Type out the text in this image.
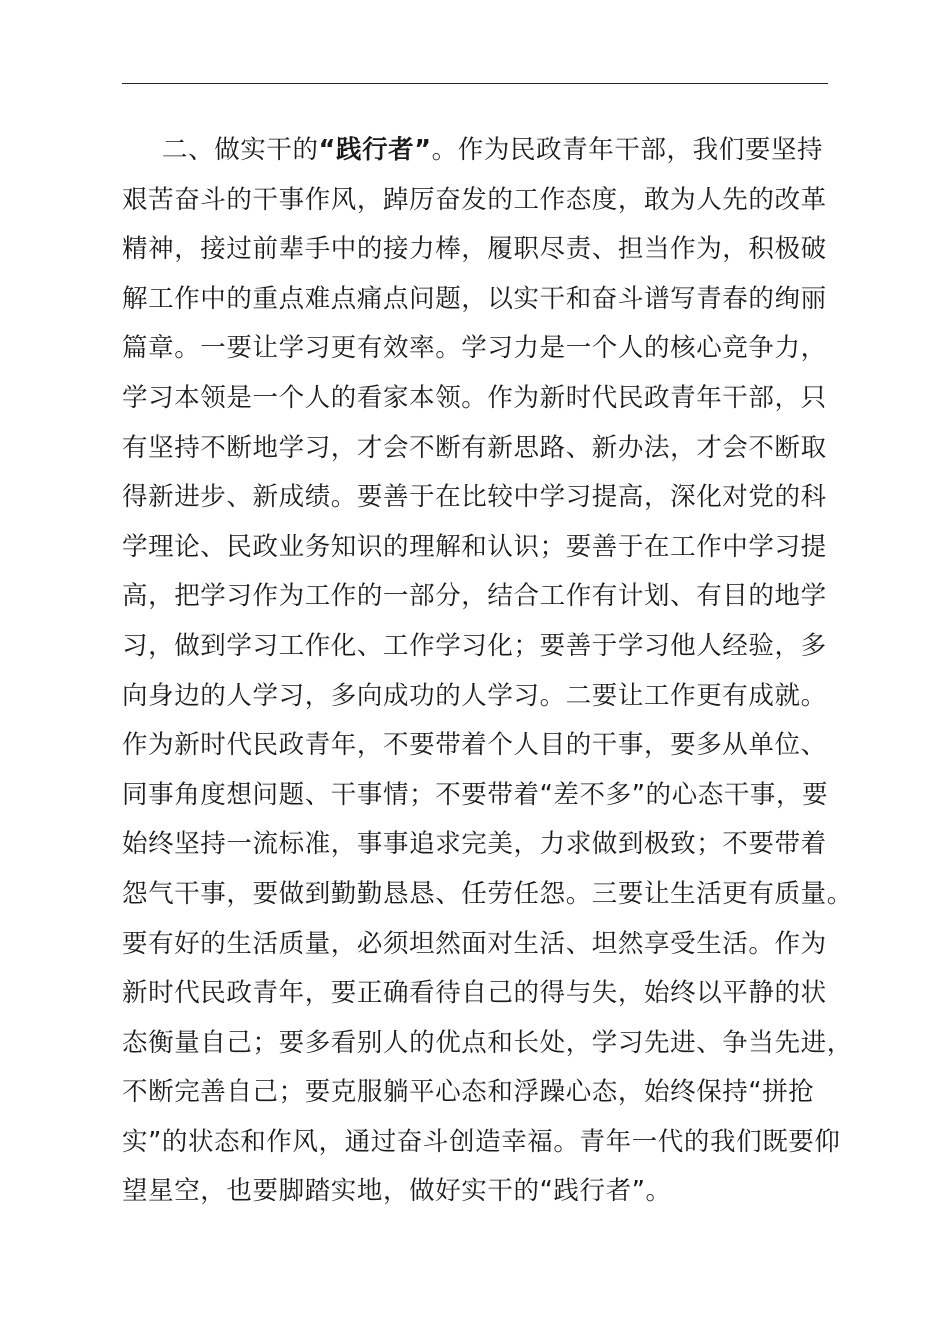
二、做实干的“践行者”。作为民政青年干部，我们要坚持
艰苦奋斗的干事作风，踔厉奋发的工作态度，敢为人先的改革
精神，接过前辈手中的接力棒，履职尽责、担当作为，积极破
解工作中的重点难点痛点问题，以实干和奋斗谱写青春的绚丽
篇章。一要让学习更有效率。学习力是一个人的核心竞争力，
学习本领是一个人的看家本领。作为新时代民政青年干部，只
有坚持不断地学习，才会不断有新思路、新办法，才会不断取
得新进步、新成绩。要善于在比较中学习提高，深化对党的科
学理论、民政业务知识的理解和认识；要善于在工作中学习提
高，把学习作为工作的一部分，结合工作有计划、有目的地学
习，做到学习工作化、工作学习化；要善于学习他人经验，多
向身边的人学习，多向成功的人学习。二要让工作更有成就。
作为新时代民政青年，不要带着个人目的干事，要多从单位、
同事角度想问题、干事情；不要带着“差不多”的心态干事，要
始终坚持一流标准，事事追求完美，力求做到极致；不要带着
怨气干事，要做到勤勤恳恳、任劳任怨。三要让生活更有质量。
要有好的生活质量，必须坦然面对生活、坦然享受生活。作为
新时代民政青年，要正确看待自己的得与失，始终以平静的状
态衡量自己；要多看别人的优点和长处，学习先进、争当先进，
不断完善自己；要克服躺平心态和浮躁心态，始终保持“拼抢
实”的状态和作风，通过奋斗创造幸福。青年一代的我们既要仰
望星空，也要脚踏实地，做好实干的“践行者”。
